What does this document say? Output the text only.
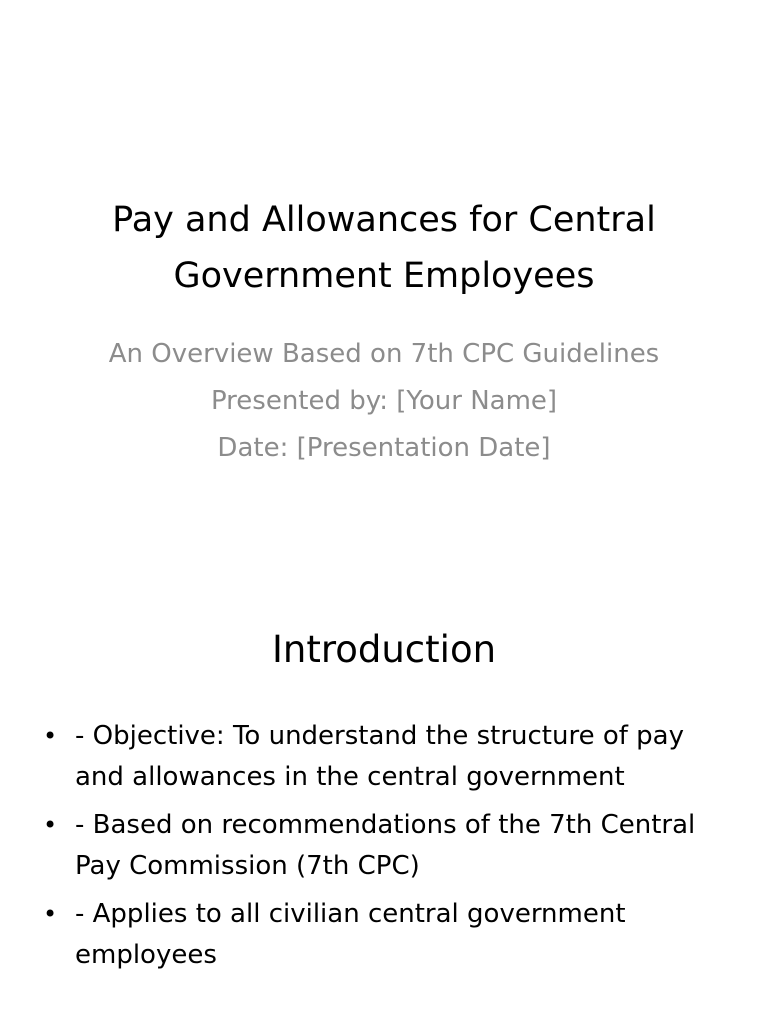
Pay and Allowances for Central Government Employees
An Overview Based on 7th CPC Guidelines
Presented by: [Your Name]
Date: [Presentation Date]
Introduction
• - Objective: To understand the structure of pay and allowances in the central government
• - Based on recommendations of the 7th Central Pay Commission (7th CPC)
• - Applies to all civilian central government employees
